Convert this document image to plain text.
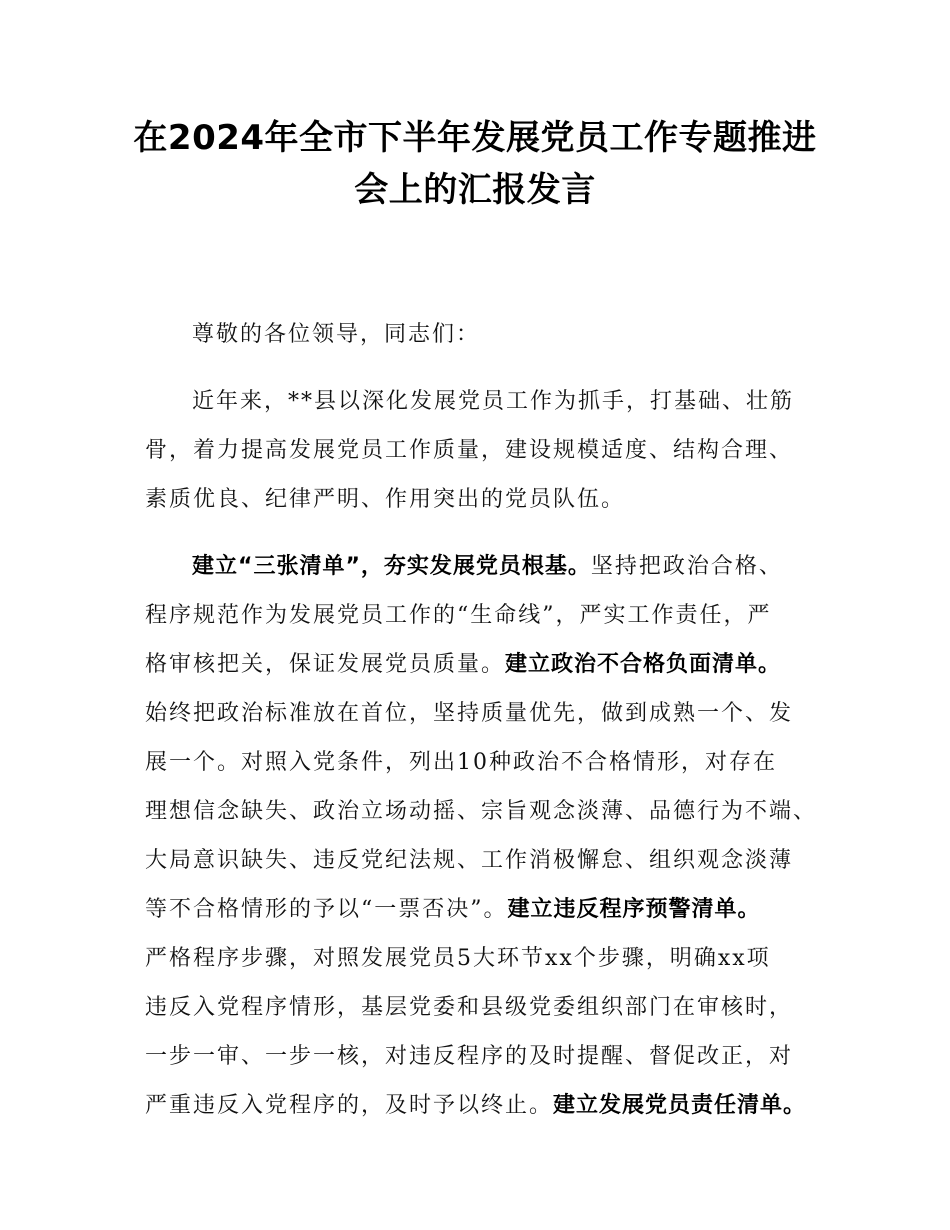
在2024年全市下半年发展党员工作专题推进
会上的汇报发言

尊敬的各位领导，同志们：

近年来，**县以深化发展党员工作为抓手，打基础、壮筋
骨，着力提高发展党员工作质量，建设规模适度、结构合理、
素质优良、纪律严明、作用突出的党员队伍。

建立“三张清单”，夯实发展党员根基。坚持把政治合格、
程序规范作为发展党员工作的“生命线”，严实工作责任，严
格审核把关，保证发展党员质量。建立政治不合格负面清单。
始终把政治标准放在首位，坚持质量优先，做到成熟一个、发
展一个。对照入党条件，列出10种政治不合格情形，对存在
理想信念缺失、政治立场动摇、宗旨观念淡薄、品德行为不端、
大局意识缺失、违反党纪法规、工作消极懈怠、组织观念淡薄
等不合格情形的予以“一票否决”。建立违反程序预警清单。
严格程序步骤，对照发展党员5大环节xx个步骤，明确xx项
违反入党程序情形，基层党委和县级党委组织部门在审核时，
一步一审、一步一核，对违反程序的及时提醒、督促改正，对
严重违反入党程序的，及时予以终止。建立发展党员责任清单。
